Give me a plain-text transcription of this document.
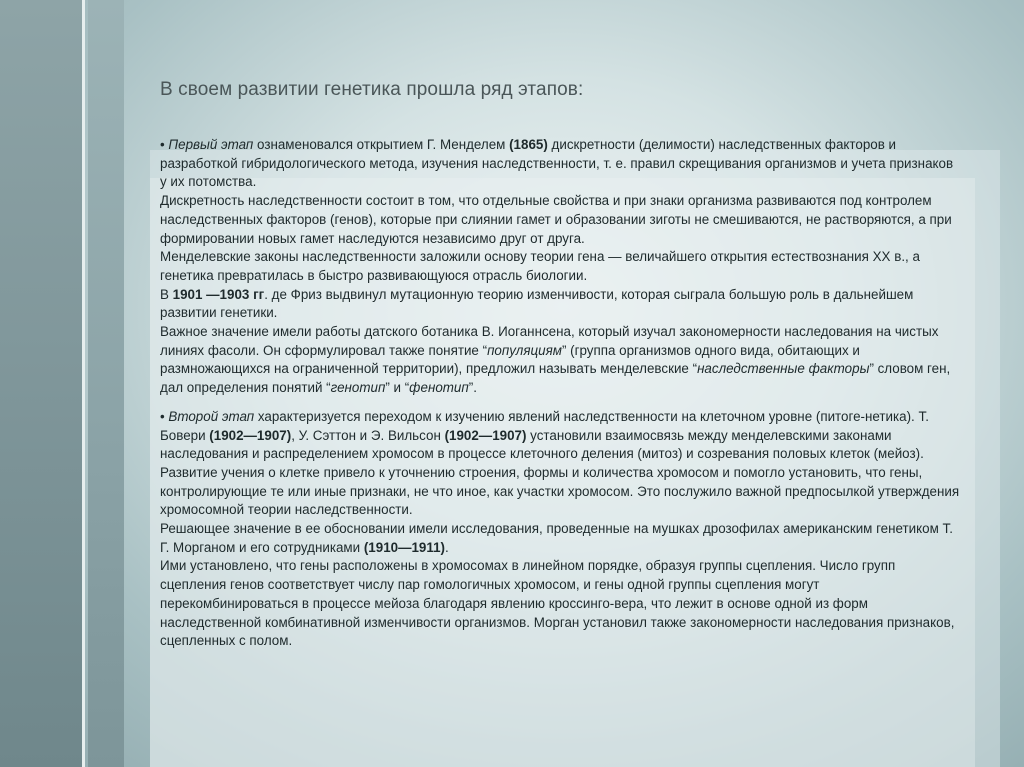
В своем развитии генетика прошла ряд этапов:

• Первый этап ознаменовался открытием Г. Менделем (1865) дискретности (делимости) наследственных факторов и разработкой гибридологического метода, изучения наследственности, т. е. правил скрещивания организмов и учета признаков у их потомства.

Дискретность наследственности состоит в том, что отдельные свойства и при знаки организма развиваются под контролем наследственных факторов (генов), которые при слиянии гамет и образовании зиготы не смешиваются, не растворяются, а при формировании новых гамет наследуются независимо друг от друга.

Менделевские законы наследственности заложили основу теории гена — величайшего открытия естествознания XX в., а генетика превратилась в быстро развивающуюся отрасль биологии.

В 1901 —1903 гг. де Фриз выдвинул мутационную теорию изменчивости, которая сыграла большую роль в дальнейшем развитии генетики.

Важное значение имели работы датского ботаника В. Иоганнсена, который изучал закономерности наследования на чистых линиях фасоли. Он сформулировал также понятие “популяциям” (группа организмов одного вида, обитающих и размножающихся на ограниченной территории), предложил называть менделевские “наследственные факторы” словом ген, дал определения понятий “генотип” и “фенотип”.

• Второй этап характеризуется переходом к изучению явлений наследственности на клеточном уровне (питоге-нетика). Т. Бовери (1902—1907), У. Сэттон и Э. Вильсон (1902—1907) установили взаимосвязь между менделевскими законами наследования и распределением хромосом в процессе клеточного деления (митоз) и созревания половых клеток (мейоз).

Развитие учения о клетке привело к уточнению строения, формы и количества хромосом и помогло установить, что гены, контролирующие те или иные признаки, не что иное, как участки хромосом. Это послужило важной предпосылкой утверждения хромосомной теории наследственности.

Решающее значение в ее обосновании имели исследования, проведенные на мушках дрозофилах американским генетиком Т. Г. Морганом и его сотрудниками (1910—1911).

Ими установлено, что гены расположены в хромосомах в линейном порядке, образуя группы сцепления. Число групп сцепления генов соответствует числу пар гомологичных хромосом, и гены одной группы сцепления могут перекомбинироваться в процессе мейоза благодаря явлению кроссинго-вера, что лежит в основе одной из форм наследственной комбинативной изменчивости организмов. Морган установил также закономерности наследования признаков, сцепленных с полом.
